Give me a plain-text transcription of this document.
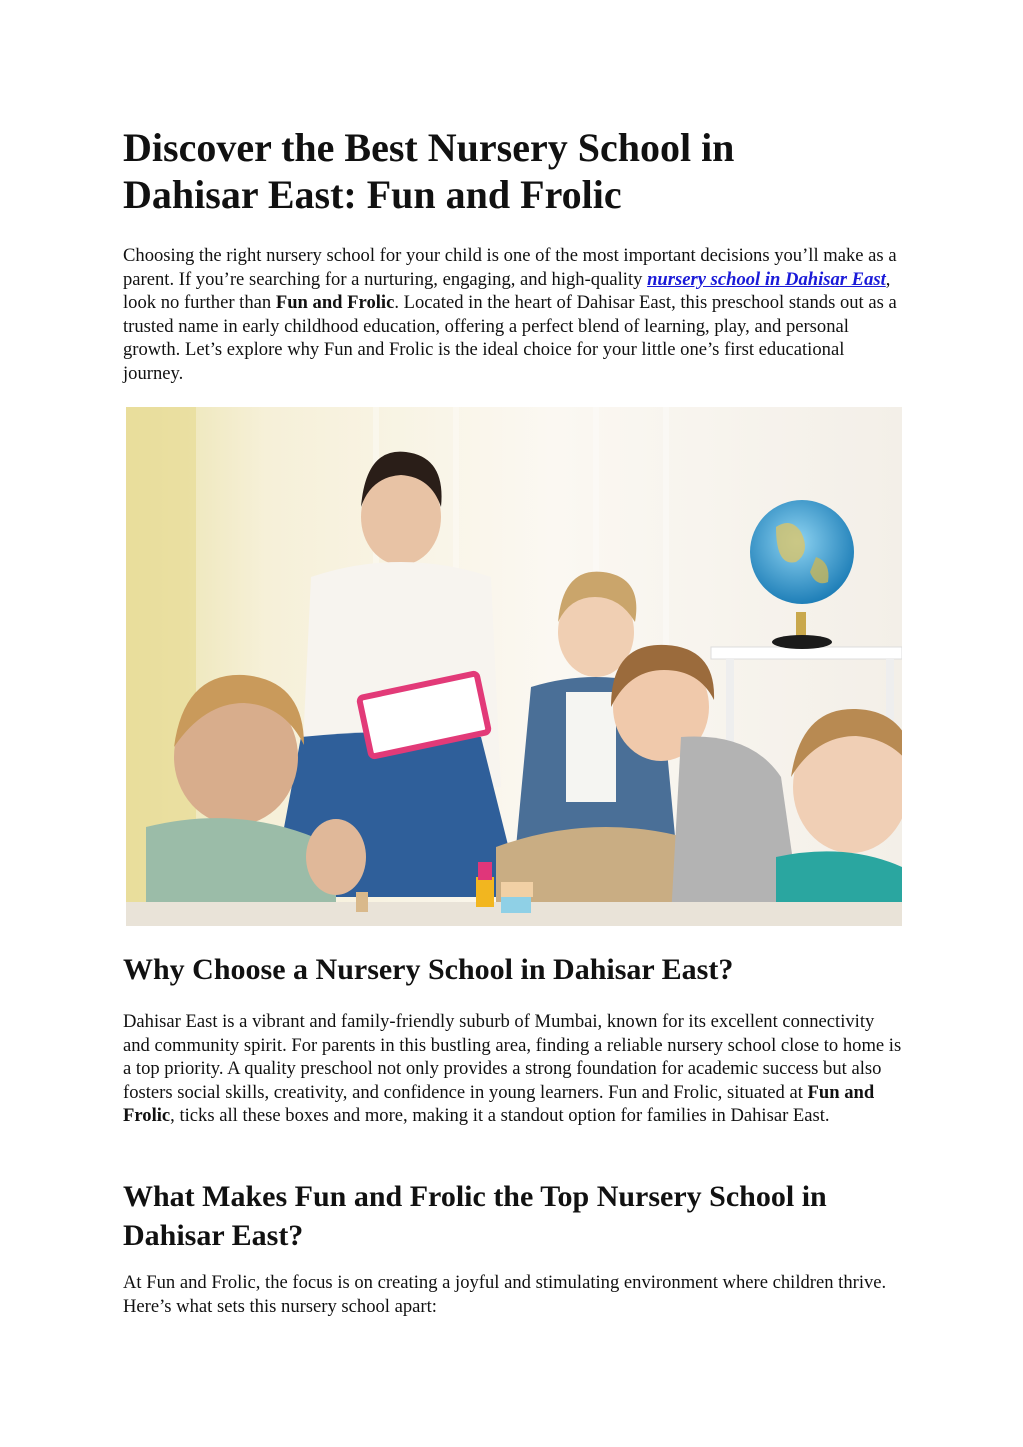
Discover the Best Nursery School in
Dahisar East: Fun and Frolic

Choosing the right nursery school for your child is one of the most important decisions you’ll make as a parent. If you’re searching for a nurturing, engaging, and high-quality nursery school in Dahisar East, look no further than Fun and Frolic. Located in the heart of Dahisar East, this preschool stands out as a trusted name in early childhood education, offering a perfect blend of learning, play, and personal growth. Let’s explore why Fun and Frolic is the ideal choice for your little one’s first educational journey.

Why Choose a Nursery School in Dahisar East?

Dahisar East is a vibrant and family-friendly suburb of Mumbai, known for its excellent connectivity and community spirit. For parents in this bustling area, finding a reliable nursery school close to home is a top priority. A quality preschool not only provides a strong foundation for academic success but also fosters social skills, creativity, and confidence in young learners. Fun and Frolic, situated at Fun and Frolic, ticks all these boxes and more, making it a standout option for families in Dahisar East.

What Makes Fun and Frolic the Top Nursery School in Dahisar East?

At Fun and Frolic, the focus is on creating a joyful and stimulating environment where children thrive. Here’s what sets this nursery school apart:
